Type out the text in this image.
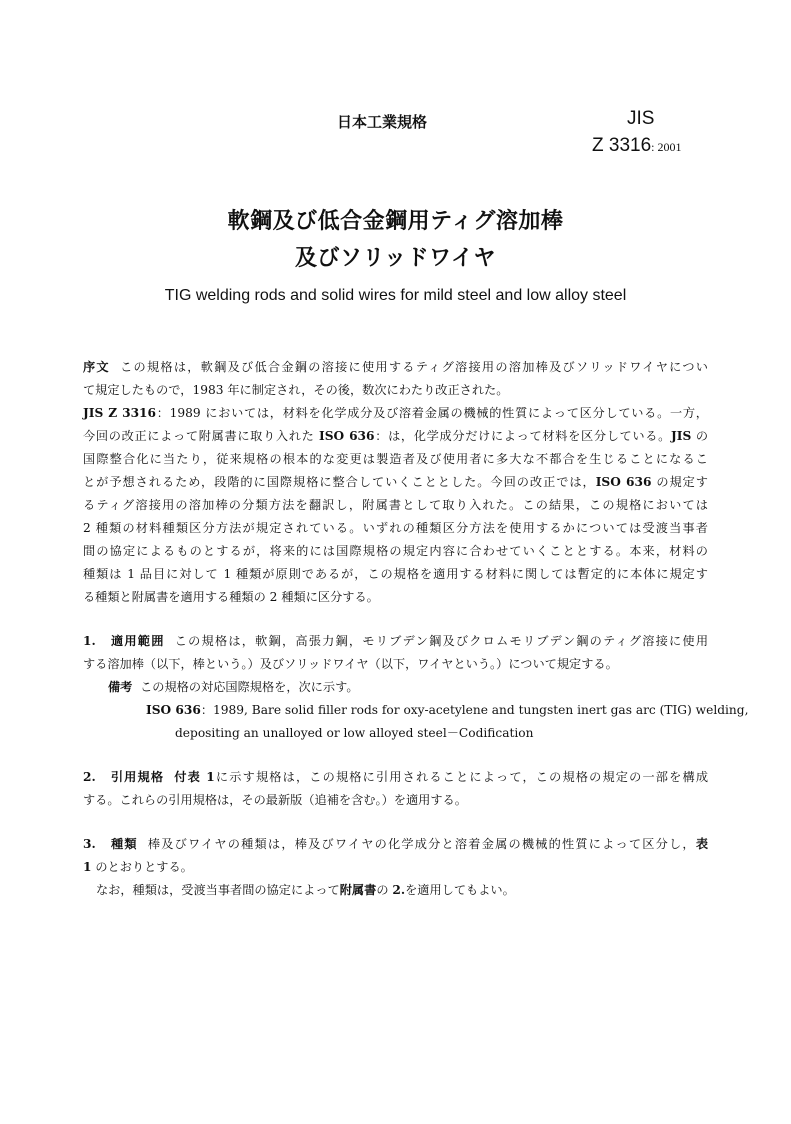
日本工業規格	JIS
Z 3316: 2001
軟鋼及び低合金鋼用ティグ溶加棒
及びソリッドワイヤ
TIG welding rods and solid wires for mild steel and low alloy steel
序文 この規格は，軟鋼及び低合金鋼の溶接に使用するティグ溶接用の溶加棒及びソリッドワイヤについ
て規定したもので，1983 年に制定され，その後，数次にわたり改正された。
JIS Z 3316：1989 においては，材料を化学成分及び溶着金属の機械的性質によって区分している。一方，
今回の改正によって附属書に取り入れた ISO 636：は，化学成分だけによって材料を区分している。JIS の
国際整合化に当たり，従来規格の根本的な変更は製造者及び使用者に多大な不都合を生じることになるこ
とが予想されるため，段階的に国際規格に整合していくこととした。今回の改正では，ISO 636 の規定す
るティグ溶接用の溶加棒の分類方法を翻訳し，附属書として取り入れた。この結果，この規格においては
2 種類の材料種類区分方法が規定されている。いずれの種類区分方法を使用するかについては受渡当事者
間の協定によるものとするが，将来的には国際規格の規定内容に合わせていくこととする。本来，材料の
種類は 1 品目に対して 1 種類が原則であるが，この規格を適用する材料に関しては暫定的に本体に規定す
る種類と附属書を適用する種類の 2 種類に区分する。
1. 適用範囲 この規格は，軟鋼，高張力鋼，モリブデン鋼及びクロムモリブデン鋼のティグ溶接に使用
する溶加棒（以下，棒という。）及びソリッドワイヤ（以下，ワイヤという。）について規定する。
備考 この規格の対応国際規格を，次に示す。
ISO 636：1989, Bare solid filler rods for oxy-acetylene and tungsten inert gas arc (TIG) welding,
depositing an unalloyed or low alloyed steel－Codification
2. 引用規格 付表 1に示す規格は，この規格に引用されることによって，この規格の規定の一部を構成
する。これらの引用規格は，その最新版（追補を含む。）を適用する。
3. 種類 棒及びワイヤの種類は，棒及びワイヤの化学成分と溶着金属の機械的性質によって区分し，表
1 のとおりとする。
なお，種類は，受渡当事者間の協定によって附属書の 2.を適用してもよい。
